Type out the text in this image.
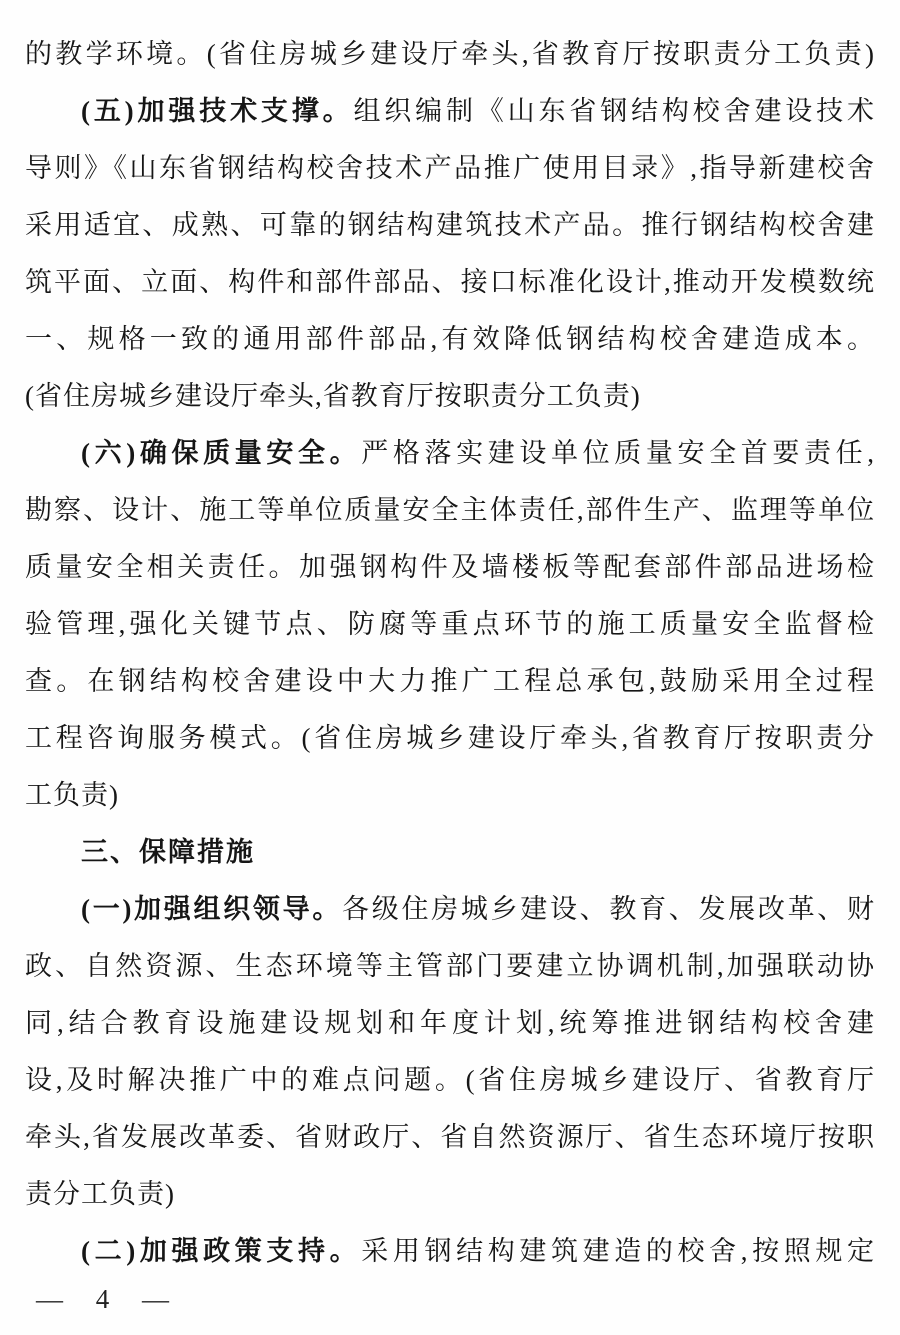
的教学环境。(省住房城乡建设厅牵头,省教育厅按职责分工负责)
(五)加强技术支撑。组织编制《山东省钢结构校舍建设技术
导则》《山东省钢结构校舍技术产品推广使用目录》,指导新建校舍
采用适宜、成熟、可靠的钢结构建筑技术产品。推行钢结构校舍建
筑平面、立面、构件和部件部品、接口标准化设计,推动开发模数统
一、规格一致的通用部件部品,有效降低钢结构校舍建造成本。
(省住房城乡建设厅牵头,省教育厅按职责分工负责)
(六)确保质量安全。严格落实建设单位质量安全首要责任,
勘察、设计、施工等单位质量安全主体责任,部件生产、监理等单位
质量安全相关责任。加强钢构件及墙楼板等配套部件部品进场检
验管理,强化关键节点、防腐等重点环节的施工质量安全监督检
查。在钢结构校舍建设中大力推广工程总承包,鼓励采用全过程
工程咨询服务模式。(省住房城乡建设厅牵头,省教育厅按职责分
工负责)
三、保障措施
(一)加强组织领导。各级住房城乡建设、教育、发展改革、财
政、自然资源、生态环境等主管部门要建立协调机制,加强联动协
同,结合教育设施建设规划和年度计划,统筹推进钢结构校舍建
设,及时解决推广中的难点问题。(省住房城乡建设厅、省教育厅
牵头,省发展改革委、省财政厅、省自然资源厅、省生态环境厅按职
责分工负责)
(二)加强政策支持。采用钢结构建筑建造的校舍,按照规定
— 4 —
